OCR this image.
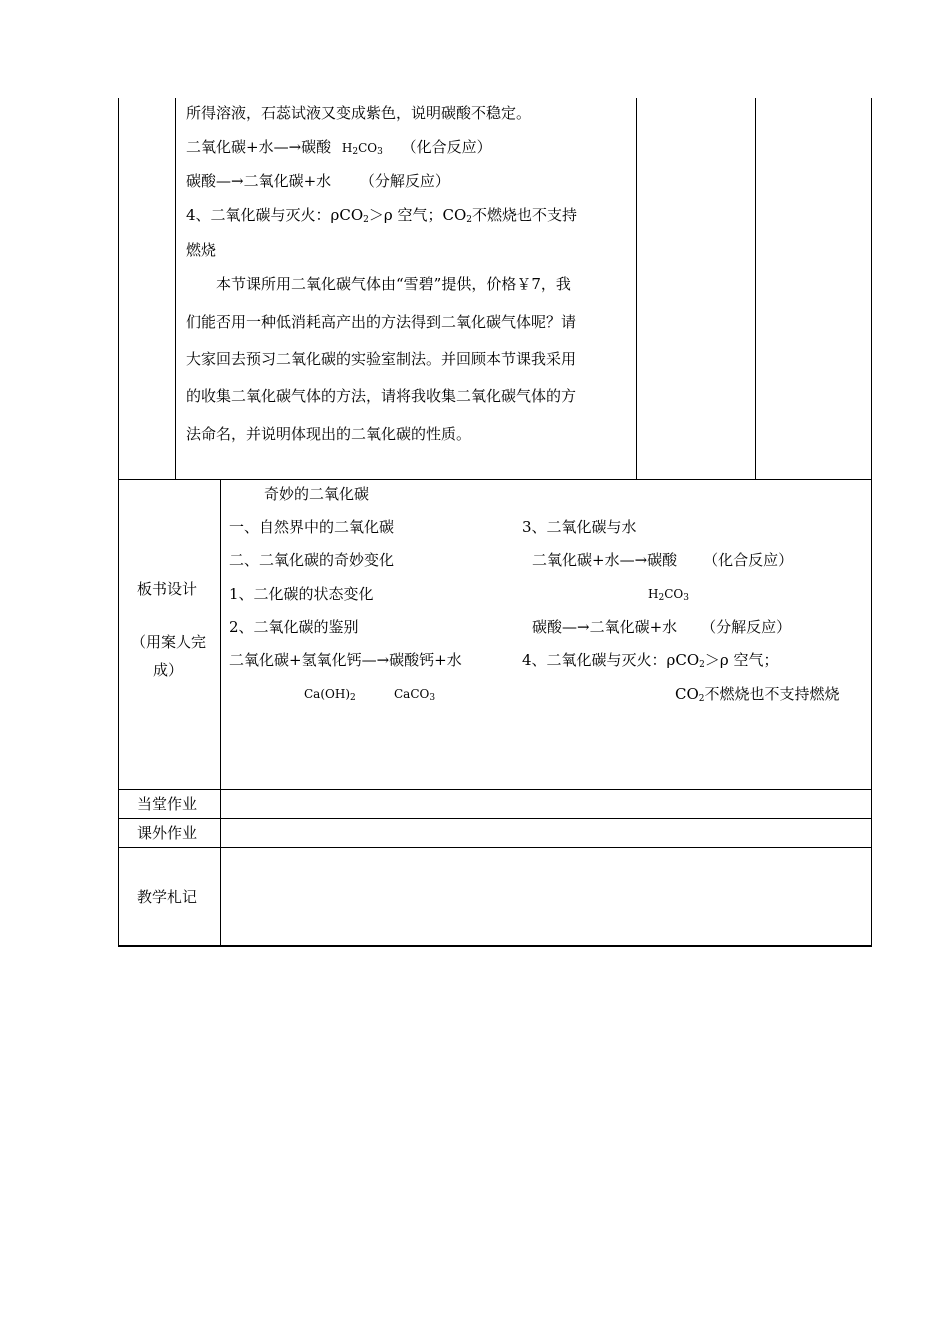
所得溶液，石蕊试液又变成紫色，说明碳酸不稳定。
二氧化碳+水—→碳酸 $H_2CO_3$ （化合反应）
碳酸—→二氧化碳+水 （分解反应）
4、二氧化碳与灭火：ρCO$_2$＞ρ 空气；$CO_2$不燃烧也不支持
燃烧
本节课所用二氧化碳气体由“雪碧”提供，价格￥7，我
们能否用一种低消耗高产出的方法得到二氧化碳气体呢？请
大家回去预习二氧化碳的实验室制法。并回顾本节课我采用
的收集二氧化碳气体的方法，请将我收集二氧化碳气体的方
法命名，并说明体现出的二氧化碳的性质。
板书设计
（用案人完
成）
奇妙的二氧化碳
一、自然界中的二氧化碳
二、二氧化碳的奇妙变化
1、二化碳的状态变化
2、二氧化碳的鉴别
二氧化碳+氢氧化钙—→碳酸钙+水
$Ca(OH)_2$	CaCO$_3$
3、二氧化碳与水
二氧化碳+水—→碳酸 （化合反应）
$H_2CO_3$
碳酸—→二氧化碳+水 （分解反应）
4、二氧化碳与灭火：ρCO$_2$＞ρ 空气；
$CO_2$不燃烧也不支持燃烧
当堂作业
课外作业
教学札记
